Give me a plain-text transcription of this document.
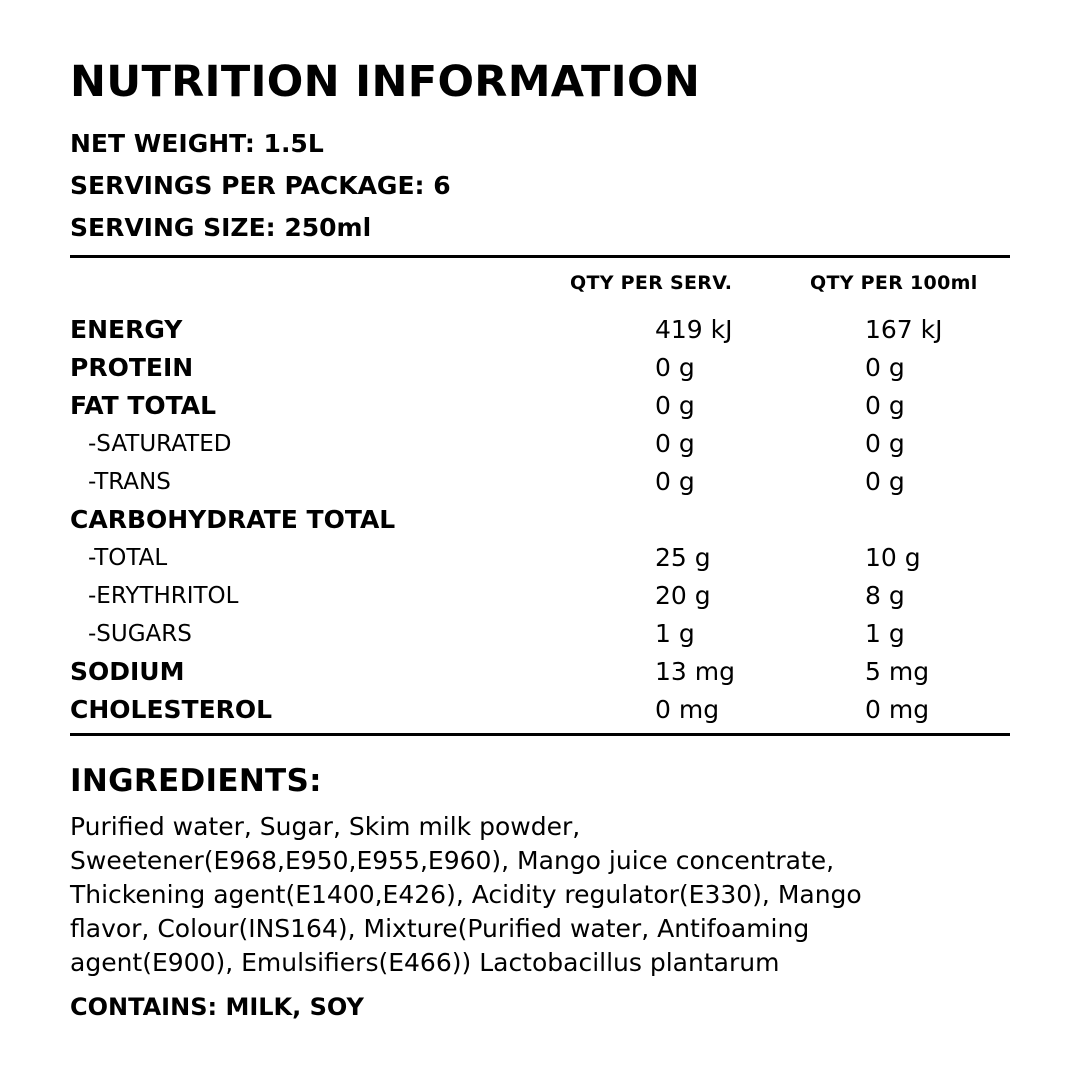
NUTRITION INFORMATION
NET WEIGHT: 1.5L
SERVINGS PER PACKAGE: 6
SERVING SIZE: 250ml
QTY PER SERV.	QTY PER 100ml
ENERGY	419 kJ	167 kJ
PROTEIN	0 g	0 g
FAT TOTAL	0 g	0 g
-SATURATED	0 g	0 g
-TRANS	0 g	0 g
CARBOHYDRATE TOTAL
-TOTAL	25 g	10 g
-ERYTHRITOL	20 g	8 g
-SUGARS	1 g	1 g
SODIUM	13 mg	5 mg
CHOLESTEROL	0 mg	0 mg
INGREDIENTS:
Purified water, Sugar, Skim milk powder,
Sweetener(E968,E950,E955,E960), Mango juice concentrate,
Thickening agent(E1400,E426), Acidity regulator(E330), Mango
flavor, Colour(INS164), Mixture(Purified water, Antifoaming
agent(E900), Emulsifiers(E466)) Lactobacillus plantarum
CONTAINS: MILK, SOY
